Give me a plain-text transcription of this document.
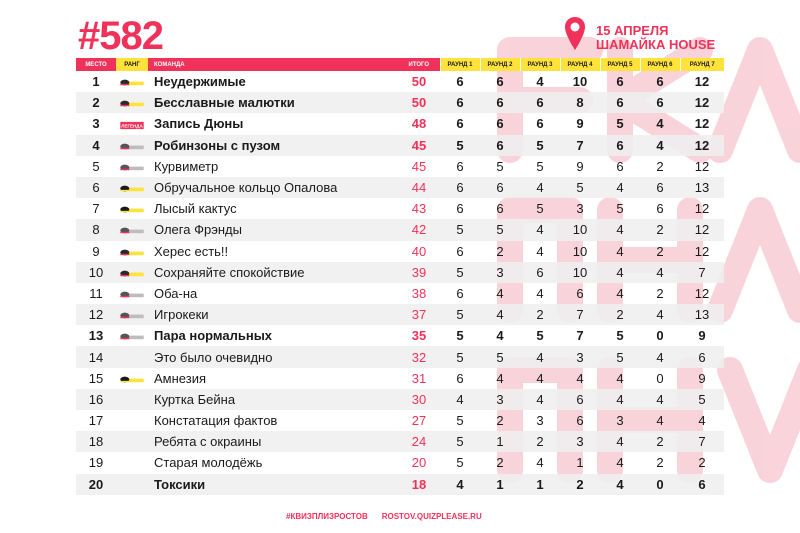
#582	15 АПРЕЛЯ
ШАМАЙКА HOUSE
МЕСТО	РАНГ	КОМАНДА	ИТОГО	РАУНД 1	РАУНД 2	РАУНД 3	РАУНД 4	РАУНД 5	РАУНД 6	РАУНД 7
1		Неудержимые	50	6	6	4	10	6	6	12
2		Бесславные малютки	50	6	6	6	8	6	6	12
3	ЛЕГЕНДА	Запись Дюны	48	6	6	6	9	5	4	12
4		Робинзоны с пузом	45	5	6	5	7	6	4	12
5		Курвиметр	45	6	5	5	9	6	2	12
6		Обручальное кольцо Опалова	44	6	6	4	5	4	6	13
7		Лысый кактус	43	6	6	5	3	5	6	12
8		Олега Фрэнды	42	5	5	4	10	4	2	12
9		Херес есть!!	40	6	2	4	10	4	2	12
10		Сохраняйте спокойствие	39	5	3	6	10	4	4	7
11		Оба-на	38	6	4	4	6	4	2	12
12		Игрокеки	37	5	4	2	7	2	4	13
13		Пара нормальных	35	5	4	5	7	5	0	9
14		Это было очевидно	32	5	5	4	3	5	4	6
15		Амнезия	31	6	4	4	4	4	0	9
16		Куртка Бейна	30	4	3	4	6	4	4	5
17		Констатация фактов	27	5	2	3	6	3	4	4
18		Ребята с окраины	24	5	1	2	3	4	2	7
19		Старая молодёжь	20	5	2	4	1	4	2	2
20		Токсики	18	4	1	1	2	4	0	6
#КВИЗПЛИЗРОСТОВ ROSTOV.QUIZPLEASE.RU
